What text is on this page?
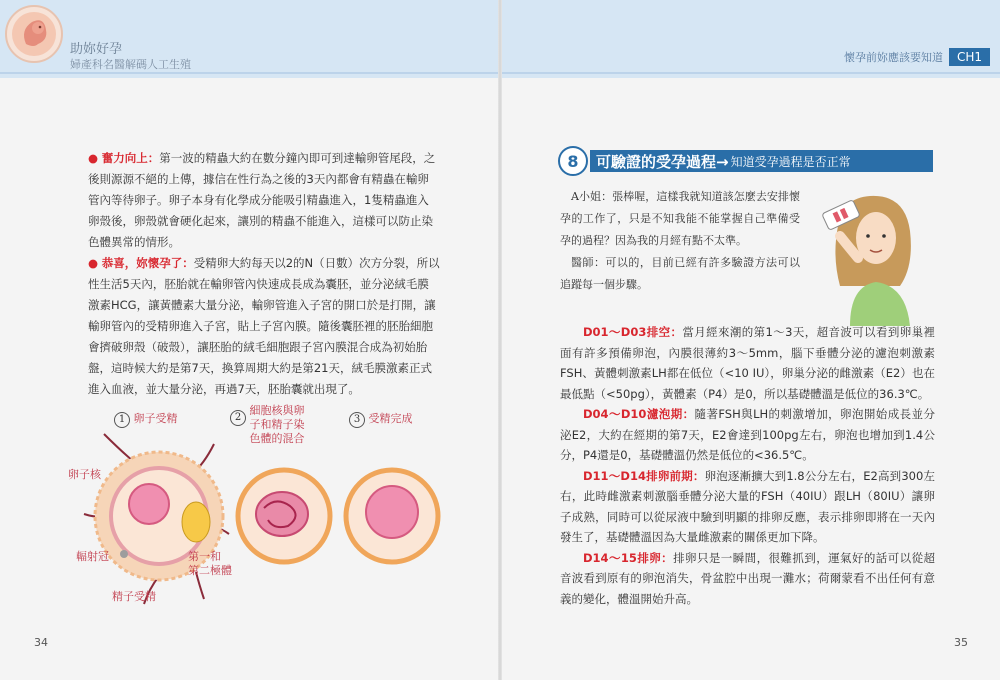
助妳好孕
婦產科名醫解碼人工生殖
懷孕前妳應該要知道	CH1

● 奮力向上：第一波的精蟲大約在數分鐘內即可到達輸卵管尾段，之後則源源不絕的上傳，據信在性行為之後的3天內都會有精蟲在輸卵管內等待卵子。卵子本身有化學成分能吸引精蟲進入，1隻精蟲進入卵殼後，卵殼就會硬化起來，讓別的精蟲不能進入，這樣可以防止染色體異常的情形。

● 恭喜，妳懷孕了：受精卵大約每天以2的N（日數）次方分裂，所以性生活5天內，胚胎就在輸卵管內快速成長成為囊胚，並分泌絨毛膜激素HCG，讓黃體素大量分泌，輸卵管進入子宮的開口於是打開，讓輸卵管內的受精卵進入子宮，貼上子宮內膜。隨後囊胚裡的胚胎細胞會擠破卵殼（破殼），讓胚胎的絨毛細胞跟子宮內膜混合成為初始胎盤，這時候大約是第7天，換算周期大約是第21天，絨毛膜激素正式進入血液，並大量分泌，再過7天，胚胎囊就出現了。

1 卵子受精	2 細胞核與卵
子和精子染
色體的混合
3 受精完成
卵子核
輻射冠	第一和
第二極體
精子受精
34
8	可驗證的受孕過程→ 知道受孕過程是否正常

A小姐：張棒喔，這樣我就知道該怎麼去安排懷孕的工作了，只是不知我能不能掌握自己準備受孕的過程？因為我的月經有點不太準。

醫師：可以的，目前已經有許多驗證方法可以追蹤每一個步驟。

D01～D03排空：當月經來潮的第1～3天，超音波可以看到卵巢裡面有許多預備卵泡，內膜很薄約3～5mm，腦下垂體分泌的濾泡刺激素FSH、黃體刺激素LH都在低位（<10 IU），卵巢分泌的雌激素（E2）也在最低點（<50pg），黃體素（P4）是0，所以基礎體溫是低位的36.3℃。

D04～D10濾泡期：隨著FSH與LH的刺激增加，卵泡開始成長並分泌E2，大約在經期的第7天，E2會達到100pg左右，卵泡也增加到1.4公分，P4還是0，基礎體溫仍然是低位的<36.5℃。

D11～D14排卵前期：卵泡逐漸擴大到1.8公分左右，E2高到300左右，此時雌激素刺激腦垂體分泌大量的FSH（40IU）跟LH（80IU）讓卵子成熟，同時可以從尿液中驗到明顯的排卵反應，表示排卵即將在一天內發生了，基礎體溫因為大量雌激素的關係更加下降。

D14～15排卵：排卵只是一瞬間，很難抓到，運氣好的話可以從超音波看到原有的卵泡消失，骨盆腔中出現一灘水；荷爾蒙看不出任何有意義的變化，體溫開始升高。

35
